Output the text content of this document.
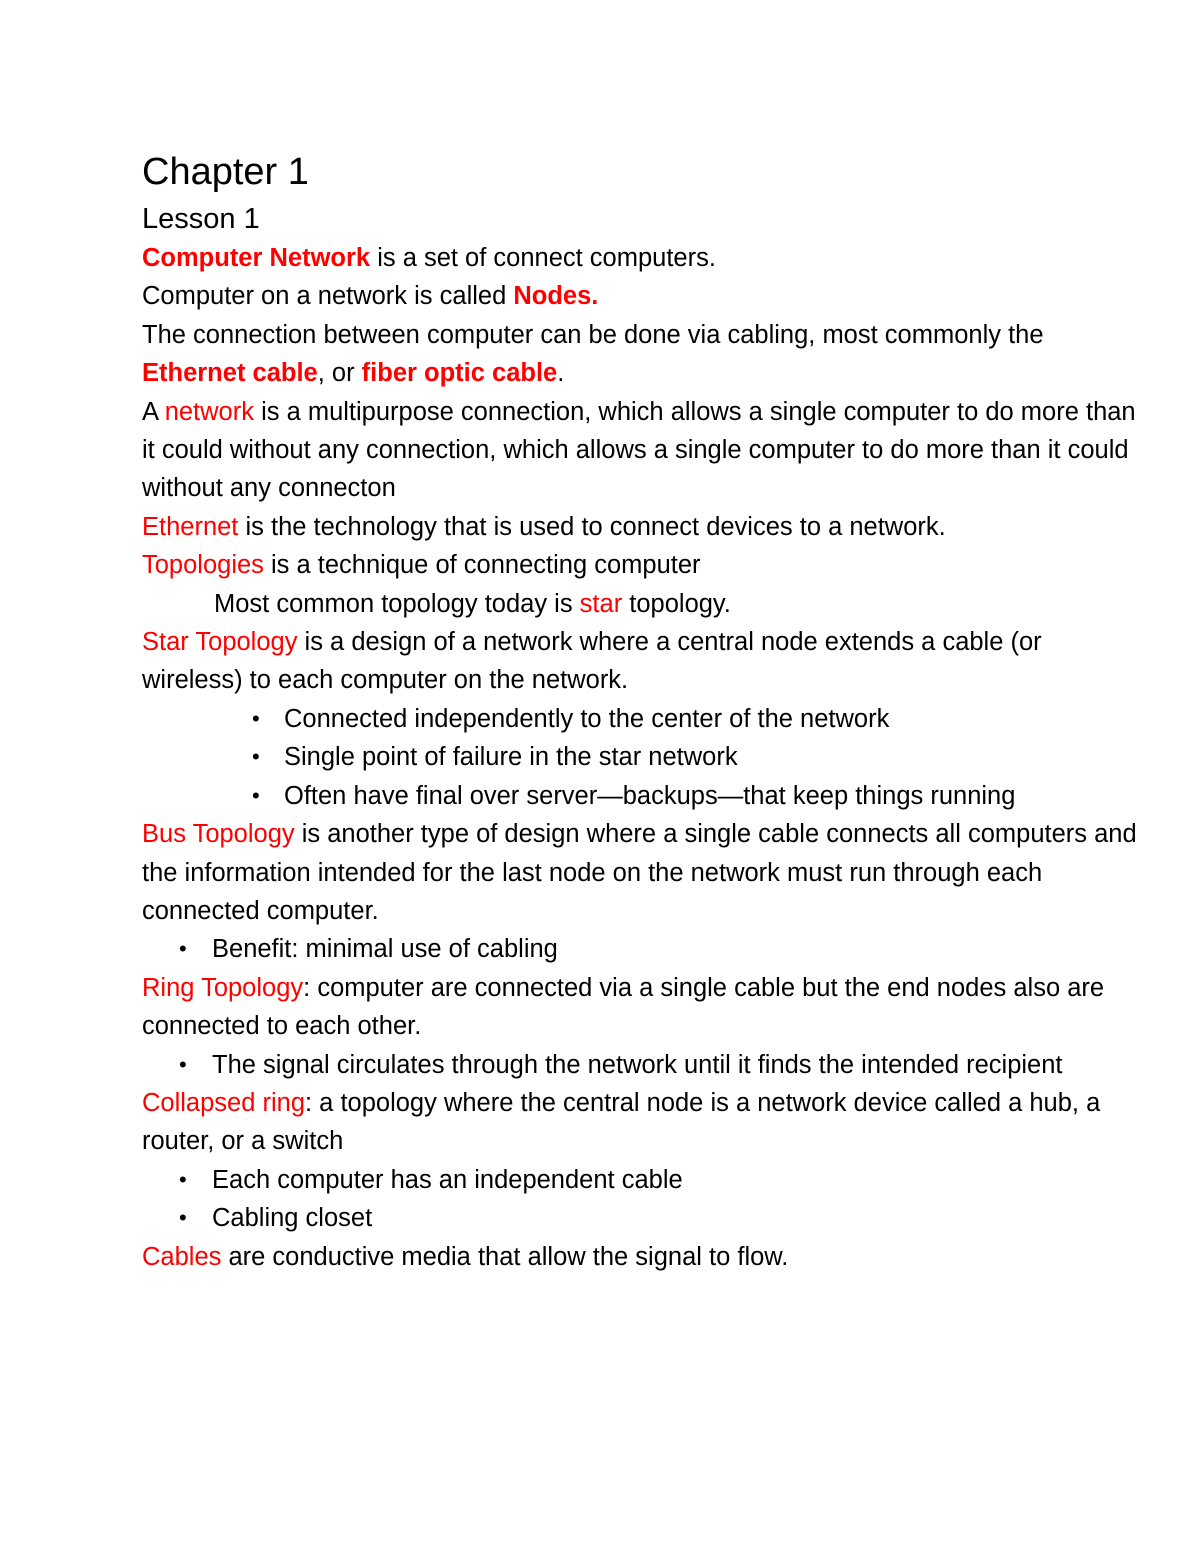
Chapter 1
Lesson 1

Computer Network is a set of connect computers.

Computer on a network is called Nodes.

The connection between computer can be done via cabling, most commonly the Ethernet cable, or fiber optic cable.

A network is a multipurpose connection, which allows a single computer to do more than it could without any connection, which allows a single computer to do more than it could without any connecton

Ethernet is the technology that is used to connect devices to a network.

Topologies is a technique of connecting computer

Most common topology today is star topology.

Star Topology is a design of a network where a central node extends a cable (or wireless) to each computer on the network.

• Connected independently to the center of the network
• Single point of failure in the star network
• Often have final over server—backups—that keep things running

Bus Topology is another type of design where a single cable connects all computers and the information intended for the last node on the network must run through each connected computer.

• Benefit: minimal use of cabling

Ring Topology: computer are connected via a single cable but the end nodes also are connected to each other.

• The signal circulates through the network until it finds the intended recipient

Collapsed ring: a topology where the central node is a network device called a hub, a router, or a switch

• Each computer has an independent cable
• Cabling closet

Cables are conductive media that allow the signal to flow.
